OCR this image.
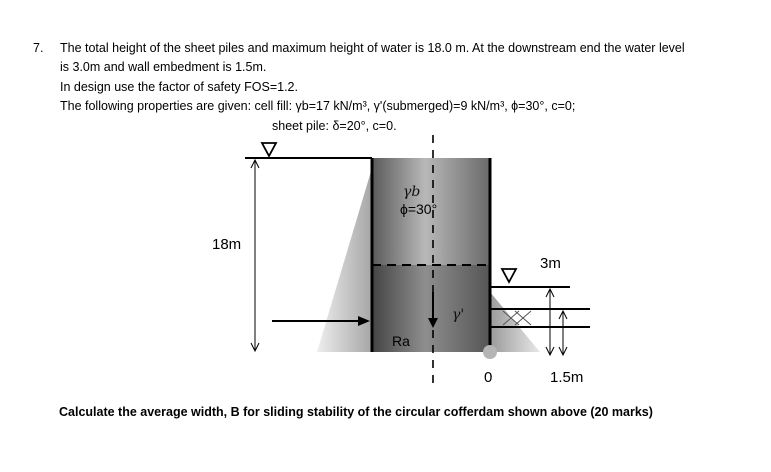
7. The total height of the sheet piles and maximum height of water is 18.0 m. At the downstream end the water level
is 3.0m and wall embedment is 1.5m.
In design use the factor of safety FOS=1.2.
The following properties are given: cell fill: γb=17 kN/m³, γ'(submerged)=9 kN/m³, ϕ=30°, c=0;
sheet pile: δ=20°, c=0.
18m
3m
γb
ϕ=30°
γ'
Ra
0	1.5m
Calculate the average width, B for sliding stability of the circular cofferdam shown above (20 marks)
